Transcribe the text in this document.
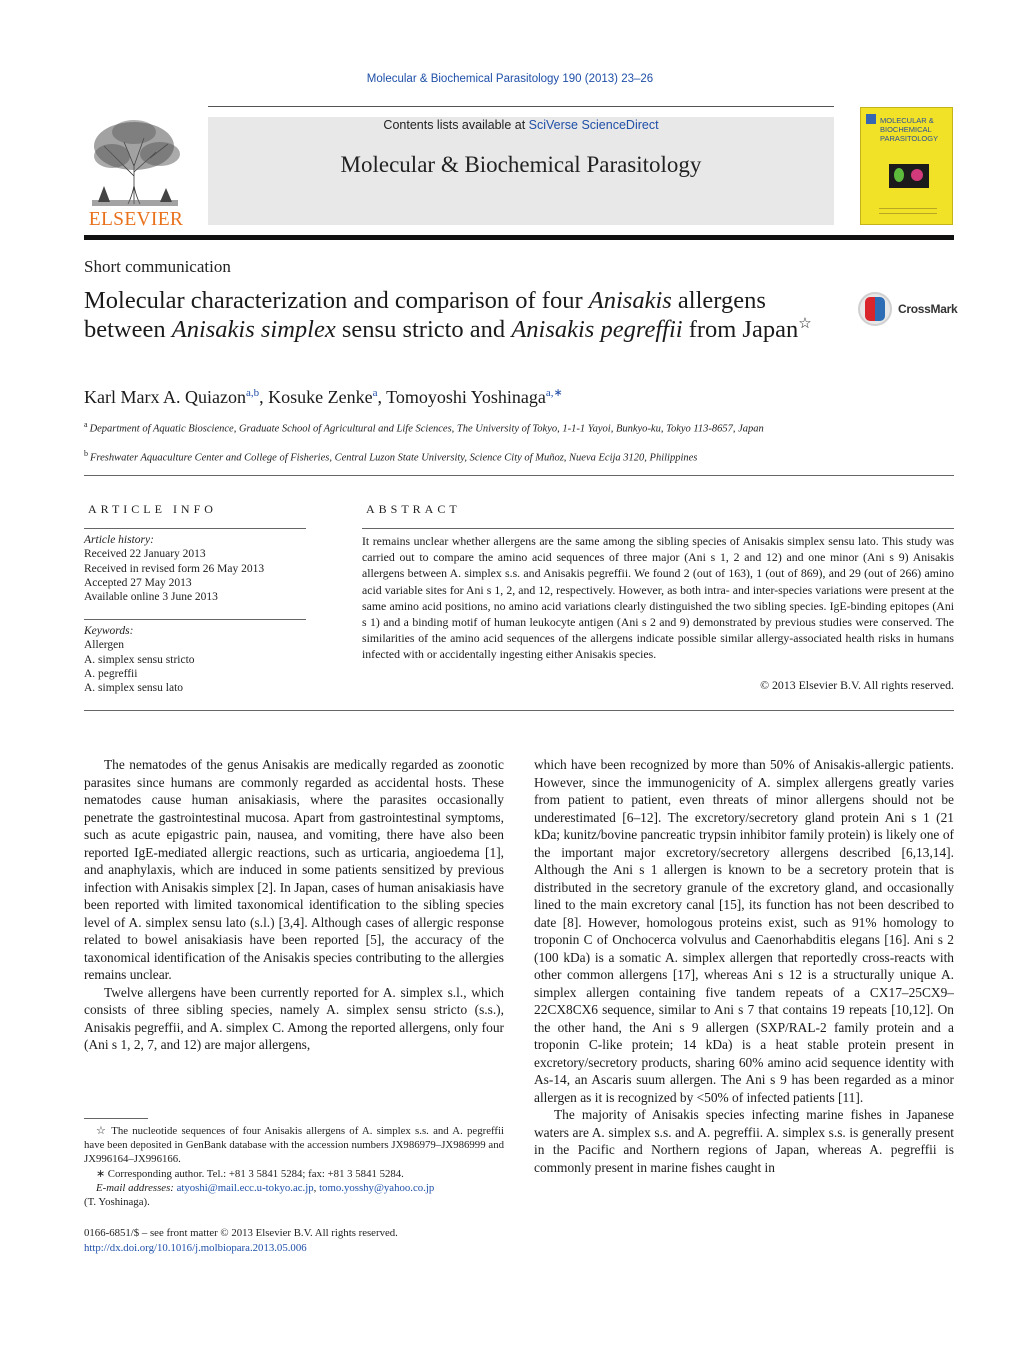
Molecular & Biochemical Parasitology 190 (2013) 23–26
ELSEVIER
Contents lists available at SciVerse ScienceDirect
Molecular & Biochemical Parasitology
MOLECULAR & BIOCHEMICAL PARASITOLOGY
Short communication
Molecular characterization and comparison of four Anisakis allergens between Anisakis simplex sensu stricto and Anisakis pegreffii from Japan☆
CrossMark
Karl Marx A. Quiazon$^{a,b}$, Kosuke Zenke$^a$, Tomoyoshi Yoshinaga$^{a,∗}$
$^a$ Department of Aquatic Bioscience, Graduate School of Agricultural and Life Sciences, The University of Tokyo, 1-1-1 Yayoi, Bunkyo-ku, Tokyo 113-8657, Japan
$^b$ Freshwater Aquaculture Center and College of Fisheries, Central Luzon State University, Science City of Muñoz, Nueva Ecija 3120, Philippines
ARTICLE INFO
Article history:
Received 22 January 2013
Received in revised form 26 May 2013
Accepted 27 May 2013
Available online 3 June 2013
Keywords:
Allergen
A. simplex sensu stricto
A. pegreffii
A. simplex sensu lato
ABSTRACT
It remains unclear whether allergens are the same among the sibling species of Anisakis simplex sensu lato. This study was carried out to compare the amino acid sequences of three major (Ani s 1, 2 and 12) and one minor (Ani s 9) Anisakis allergens between A. simplex s.s. and Anisakis pegreffii. We found 2 (out of 163), 1 (out of 869), and 29 (out of 266) amino acid variable sites for Ani s 1, 2, and 12, respectively. However, as both intra- and inter-species variations were present at the same amino acid positions, no amino acid variations clearly distinguished the two sibling species. IgE-binding epitopes (Ani s 1) and a binding motif of human leukocyte antigen (Ani s 2 and 9) demonstrated by previous studies were conserved. The similarities of the amino acid sequences of the allergens indicate possible similar allergy-associated health risks in humans infected with or accidentally ingesting either Anisakis species.
© 2013 Elsevier B.V. All rights reserved.

The nematodes of the genus Anisakis are medically regarded as zoonotic parasites since humans are commonly regarded as accidental hosts. These nematodes cause human anisakiasis, where the parasites occasionally penetrate the gastrointestinal mucosa. Apart from gastrointestinal symptoms, such as acute epigastric pain, nausea, and vomiting, there have also been reported IgE-mediated allergic reactions, such as urticaria, angioedema [1], and anaphylaxis, which are induced in some patients sensitized by previous infection with Anisakis simplex [2]. In Japan, cases of human anisakiasis have been reported with limited taxonomical identification to the sibling species level of A. simplex sensu lato (s.l.) [3,4]. Although cases of allergic response related to bowel anisakiasis have been reported [5], the accuracy of the taxonomical identification of the Anisakis species contributing to the allergies remains unclear.

Twelve allergens have been currently reported for A. simplex s.l., which consists of three sibling species, namely A. simplex sensu stricto (s.s.), Anisakis pegreffii, and A. simplex C. Among the reported allergens, only four (Ani s 1, 2, 7, and 12) are major allergens,

which have been recognized by more than 50% of Anisakis-allergic patients. However, since the immunogenicity of A. simplex allergens greatly varies from patient to patient, even threats of minor allergens should not be underestimated [6–12]. The excretory/secretory gland protein Ani s 1 (21 kDa; kunitz/bovine pancreatic trypsin inhibitor family protein) is likely one of the important major excretory/secretory allergens described [6,13,14]. Although the Ani s 1 allergen is known to be a secretory protein that is distributed in the secretory granule of the excretory gland, and occasionally lined to the main excretory canal [15], its function has not been described to date [8]. However, homologous proteins exist, such as 91% homology to troponin C of Onchocerca volvulus and Caenorhabditis elegans [16]. Ani s 2 (100 kDa) is a somatic A. simplex allergen that reportedly cross-reacts with other common allergens [17], whereas Ani s 12 is a structurally unique A. simplex allergen containing five tandem repeats of a CX17–25CX9–22CX8CX6 sequence, similar to Ani s 7 that contains 19 repeats [10,12]. On the other hand, the Ani s 9 allergen (SXP/RAL-2 family protein and a troponin C-like protein; 14 kDa) is a heat stable protein present in excretory/secretory products, sharing 60% amino acid sequence identity with As-14, an Ascaris suum allergen. The Ani s 9 has been regarded as a minor allergen as it is recognized by <50% of infected patients [11].

The majority of Anisakis species infecting marine fishes in Japanese waters are A. simplex s.s. and A. pegreffii. A. simplex s.s. is generally present in the Pacific and Northern regions of Japan, whereas A. pegreffii is commonly present in marine fishes caught in

☆ The nucleotide sequences of four Anisakis allergens of A. simplex s.s. and A. pegreffii have been deposited in GenBank database with the accession numbers JX986979–JX986999 and JX996164–JX996166.

∗ Corresponding author. Tel.: +81 3 5841 5284; fax: +81 3 5841 5284.

E-mail addresses: atyoshi@mail.ecc.u-tokyo.ac.jp, tomo.yosshy@yahoo.co.jp

(T. Yoshinaga).

0166-6851/$ – see front matter © 2013 Elsevier B.V. All rights reserved.
http://dx.doi.org/10.1016/j.molbiopara.2013.05.006
